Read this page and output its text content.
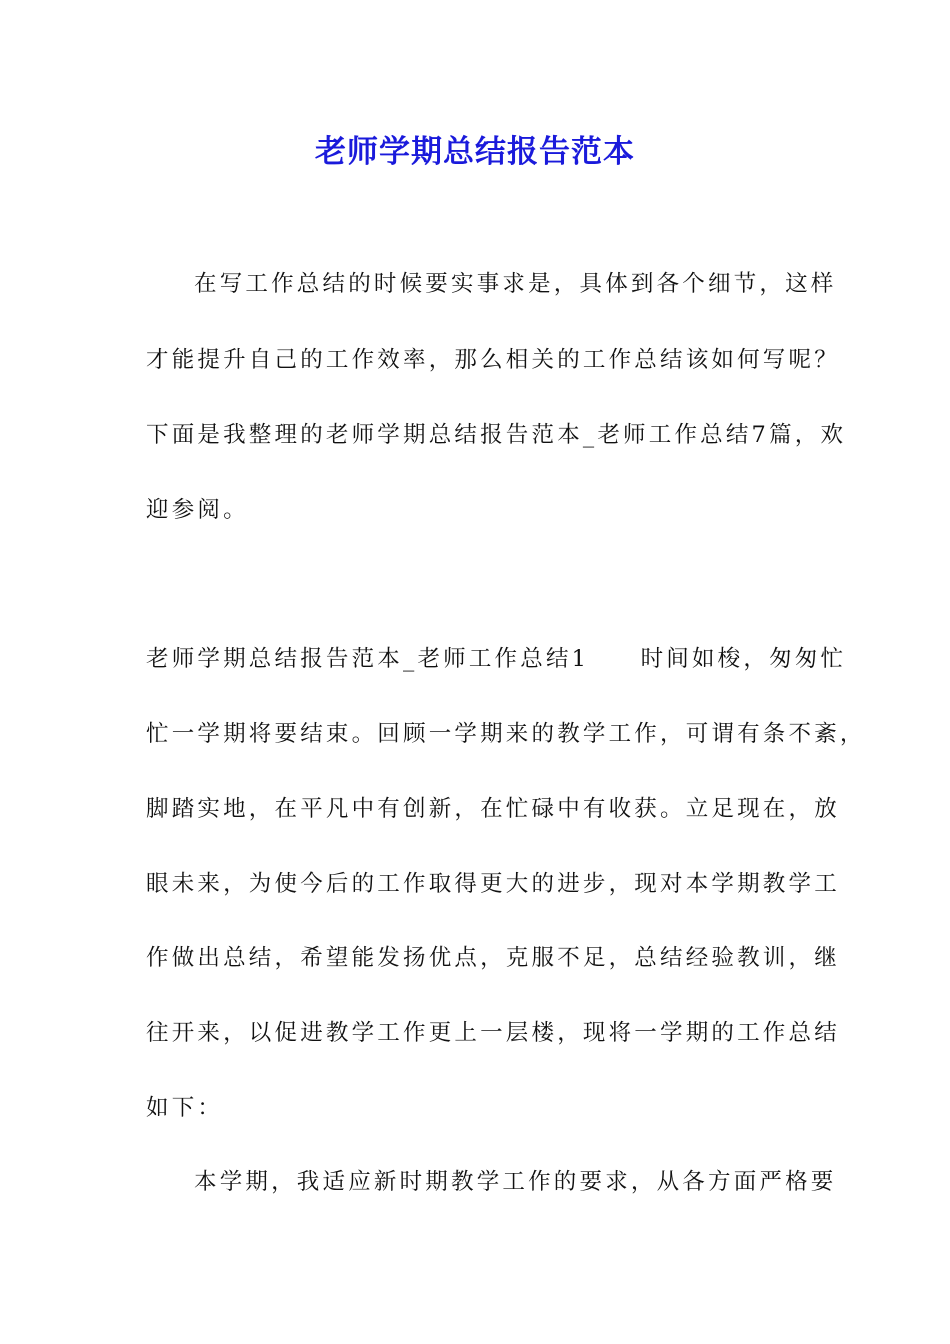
老师学期总结报告范本
在写工作总结的时候要实事求是，具体到各个细节，这样
才能提升自己的工作效率，那么相关的工作总结该如何写呢？
下面是我整理的老师学期总结报告范本_老师工作总结7篇，欢
迎参阅。
老师学期总结报告范本_老师工作总结1　　时间如梭，匆匆忙
忙一学期将要结束。回顾一学期来的教学工作，可谓有条不紊，
脚踏实地，在平凡中有创新，在忙碌中有收获。立足现在，放
眼未来，为使今后的工作取得更大的进步，现对本学期教学工
作做出总结，希望能发扬优点，克服不足，总结经验教训，继
往开来，以促进教学工作更上一层楼，现将一学期的工作总结
如下：
本学期，我适应新时期教学工作的要求，从各方面严格要
